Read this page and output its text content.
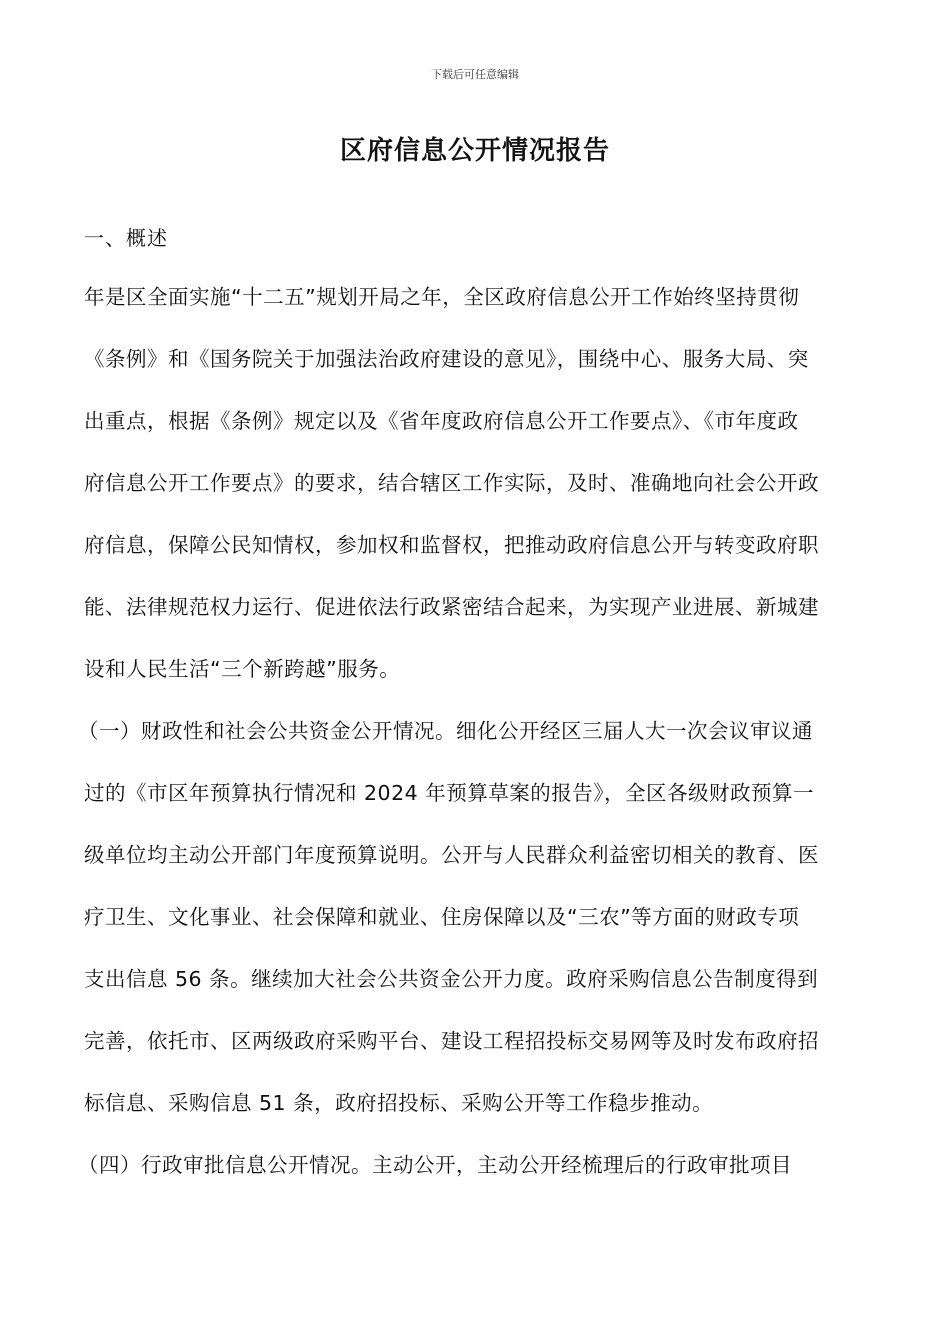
下载后可任意编辑
区府信息公开情况报告
一、概述
年是区全面实施“十二五”规划开局之年，全区政府信息公开工作始终坚持贯彻
《条例》和《国务院关于加强法治政府建设的意见》，围绕中心、服务大局、突
出重点，根据《条例》规定以及《省年度政府信息公开工作要点》、《市年度政
府信息公开工作要点》的要求，结合辖区工作实际，及时、准确地向社会公开政
府信息，保障公民知情权，参加权和监督权，把推动政府信息公开与转变政府职
能、法律规范权力运行、促进依法行政紧密结合起来，为实现产业进展、新城建
设和人民生活“三个新跨越”服务。
（一）财政性和社会公共资金公开情况。细化公开经区三届人大一次会议审议通
过的《市区年预算执行情况和 2024 年预算草案的报告》，全区各级财政预算一
级单位均主动公开部门年度预算说明。公开与人民群众利益密切相关的教育、医
疗卫生、文化事业、社会保障和就业、住房保障以及“三农”等方面的财政专项
支出信息 56 条。继续加大社会公共资金公开力度。政府采购信息公告制度得到
完善，依托市、区两级政府采购平台、建设工程招投标交易网等及时发布政府招
标信息、采购信息 51 条，政府招投标、采购公开等工作稳步推动。
（四）行政审批信息公开情况。主动公开，主动公开经梳理后的行政审批项目
